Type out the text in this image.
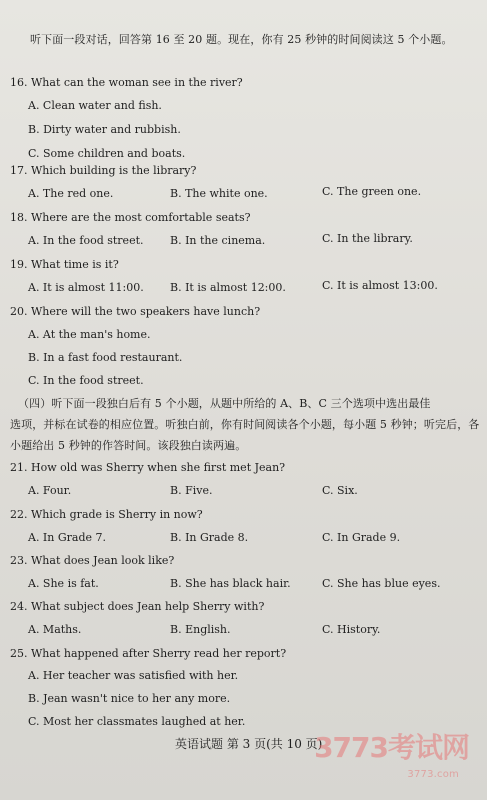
听下面一段对话，回答第 16 至 20 题。现在，你有 25 秒钟的时间阅读这 5 个小题。
16. What can the woman see in the river?
A. Clean water and fish.
B. Dirty water and rubbish.
C. Some children and boats.
17. Which building is the library?
A. The red one.	B. The white one.	C. The green one.
18. Where are the most comfortable seats?
A. In the food street. B. In the cinema.	C. In the library.
19. What time is it?
A. It is almost 11:00. B. It is almost 12:00.	C. It is almost 13:00.
20. Where will the two speakers have lunch?
A. At the man's home.
B. In a fast food restaurant.
C. In the food street.
（四）听下面一段独白后有 5 个小题，从题中所给的 A、B、C 三个选项中选出最佳
选项，并标在试卷的相应位置。听独白前，你有时间阅读各个小题，每小题 5 秒钟；听完后，各
小题给出 5 秒钟的作答时间。该段独白读两遍。
21. How old was Sherry when she first met Jean?
A. Four.	B. Five.	C. Six.
22. Which grade is Sherry in now?
A. In Grade 7.	B. In Grade 8.	C. In Grade 9.
23. What does Jean look like?
A. She is fat.	B. She has black hair.	C. She has blue eyes.
24. What subject does Jean help Sherry with?
A. Maths.	B. English.	C. History.
25. What happened after Sherry read her report?
A. Her teacher was satisfied with her.
B. Jean wasn't nice to her any more.
C. Most her classmates laughed at her.
英语试题 第 3 页(共 10 页)
3773考试网
3773.com
